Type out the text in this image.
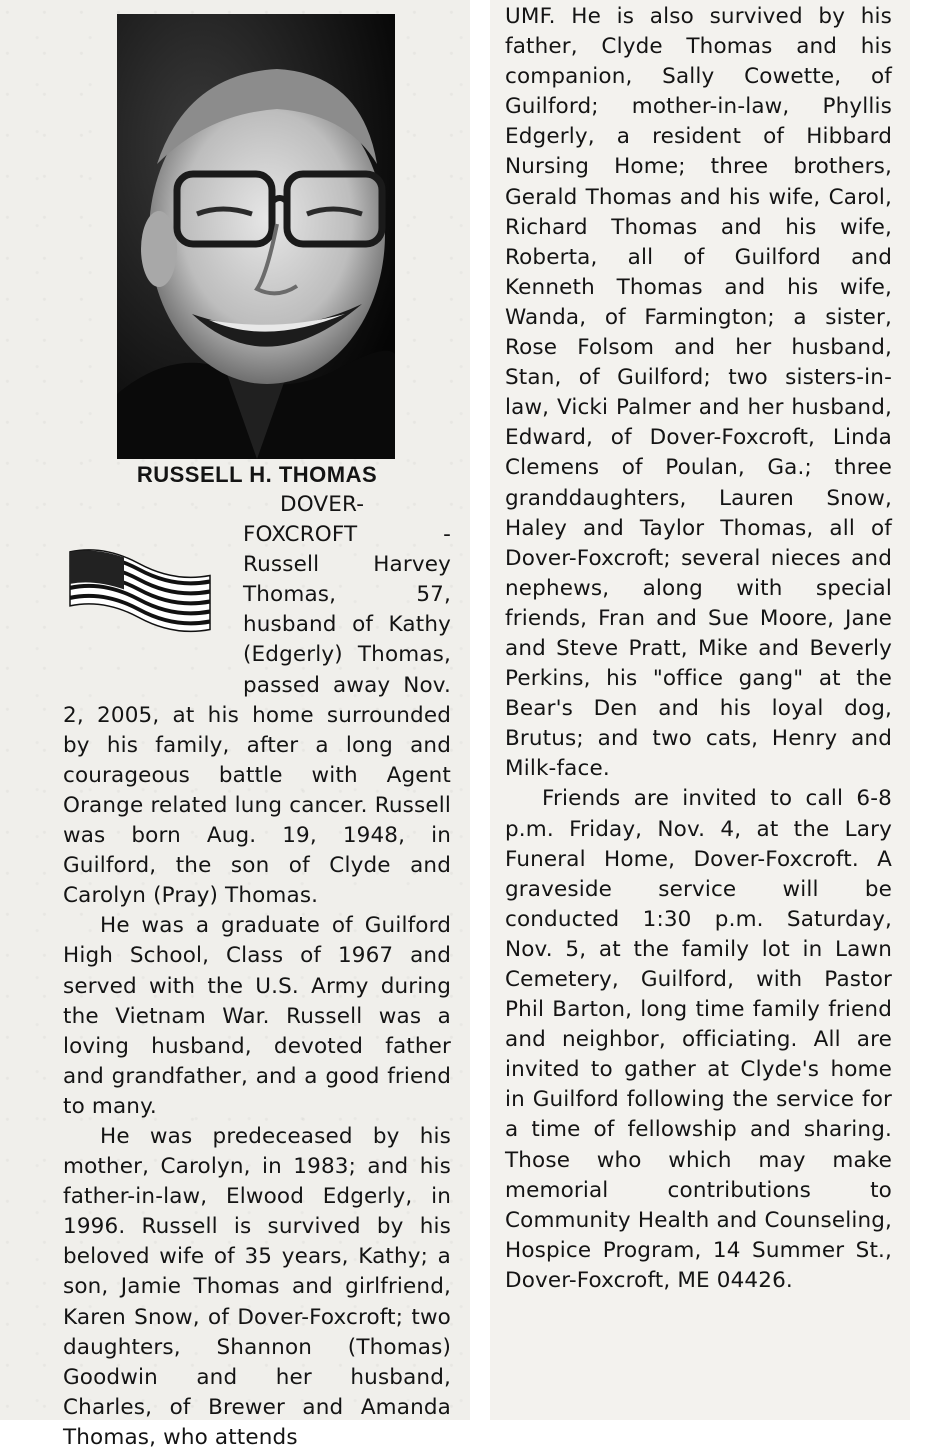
RUSSELL H. THOMAS

DOVER-FOXCROFT - Russell Harvey Thomas, 57, husband of Kathy (Edgerly) Thomas, passed away Nov. 2, 2005, at his home surrounded by his family, after a long and courageous battle with Agent Orange related lung cancer. Russell was born Aug. 19, 1948, in Guilford, the son of Clyde and Carolyn (Pray) Thomas.

He was a graduate of Guilford High School, Class of 1967 and served with the U.S. Army during the Vietnam War. Russell was a loving husband, devoted father and grandfather, and a good friend to many.

He was predeceased by his mother, Carolyn, in 1983; and his father-in-law, Elwood Edgerly, in 1996. Russell is survived by his beloved wife of 35 years, Kathy; a son, Jamie Thomas and girlfriend, Karen Snow, of Dover-Foxcroft; two daughters, Shannon (Thomas) Goodwin and her husband, Charles, of Brewer and Amanda Thomas, who attends

UMF. He is also survived by his father, Clyde Thomas and his companion, Sally Cowette, of Guilford; mother-in-law, Phyllis Edgerly, a resident of Hibbard Nursing Home; three brothers, Gerald Thomas and his wife, Carol, Richard Thomas and his wife, Roberta, all of Guilford and Kenneth Thomas and his wife, Wanda, of Farmington; a sister, Rose Folsom and her husband, Stan, of Guilford; two sisters-in-law, Vicki Palmer and her husband, Edward, of Dover-Foxcroft, Linda Clemens of Poulan, Ga.; three granddaughters, Lauren Snow, Haley and Taylor Thomas, all of Dover-Foxcroft; several nieces and nephews, along with special friends, Fran and Sue Moore, Jane and Steve Pratt, Mike and Beverly Perkins, his "office gang" at the Bear's Den and his loyal dog, Brutus; and two cats, Henry and Milk-face.

Friends are invited to call 6-8 p.m. Friday, Nov. 4, at the Lary Funeral Home, Dover-Foxcroft. A graveside service will be conducted 1:30 p.m. Saturday, Nov. 5, at the family lot in Lawn Cemetery, Guilford, with Pastor Phil Barton, long time family friend and neighbor, officiating. All are invited to gather at Clyde's home in Guilford following the service for a time of fellowship and sharing. Those who which may make memorial contributions to Community Health and Counseling, Hospice Program, 14 Summer St., Dover-Foxcroft, ME 04426.
